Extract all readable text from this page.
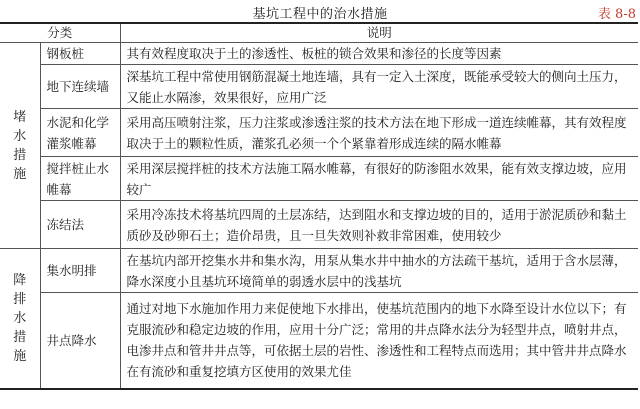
基坑工程中的治水措施	表 8-8
分类		说明

堵
水
措
施	钢板桩	其有效程度取决于土的渗透性、板桩的锁合效果和渗径的长度等因素
	地下连续墙	深基坑工程中常使用钢筋混凝土地连墙，具有一定入土深度，既能承受较大的侧向土压力，又能止水隔渗，效果很好，应用广泛
	水泥和化学灌浆帷幕	采用高压喷射注浆，压力注浆或渗透注浆的技术方法在地下形成一道连续帷幕，其有效程度取决于土的颗粒性质，灌浆孔必须一个个紧靠着形成连续的隔水帷幕
	搅拌桩止水帷幕	采用深层搅拌桩的技术方法施工隔水帷幕，有很好的防渗阻水效果，能有效支撑边坡，应用较广
	冻结法	采用冷冻技术将基坑四周的土层冻结，达到阻水和支撑边坡的目的，适用于淤泥质砂和黏土质砂及砂卵石土；造价昂贵，且一旦失效则补救非常困难，使用较少

降
排
水
措
施	集水明排	在基坑内部开挖集水井和集水沟，用泵从集水井中抽水的方法疏干基坑，适用于含水层薄，降水深度小且基坑环境简单的弱透水层中的浅基坑
	井点降水	通过对地下水施加作用力来促使地下水排出，使基坑范围内的地下水降至设计水位以下；有克服流砂和稳定边坡的作用，应用十分广泛；常用的井点降水法分为轻型井点，喷射井点，电渗井点和管井井点等，可依据土层的岩性、渗透性和工程特点而选用；其中管井井点降水在有流砂和重复挖填方区使用的效果尤佳
